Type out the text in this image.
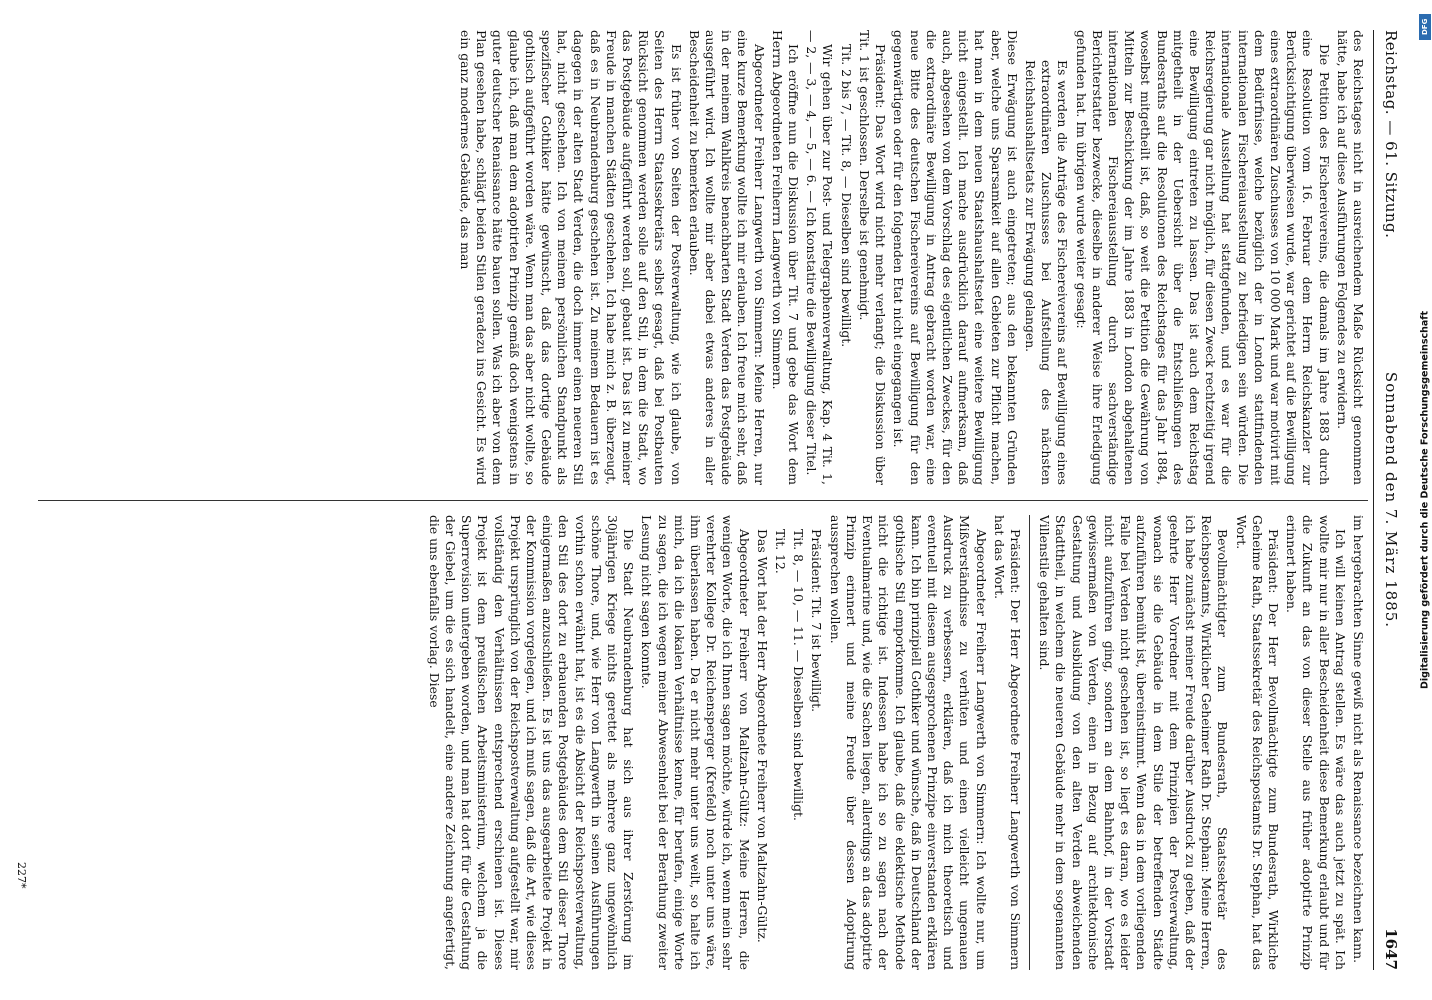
Reichstag. — 61. Sitzung.
Sonnabend den 7. März 1885.
1647

des Reichstages nicht in ausreichendem Maße Rücksicht genommen hätte, habe ich auf diese Ausführungen Folgendes zu erwidern.

Die Petition des Fischereivereins, die damals im Jahre 1883 durch eine Resolution vom 16. Februar dem Herrn Reichskanzler zur Berücksichtigung überwiesen wurde, war gerichtet auf die Bewilligung eines extraordinären Zuschusses von 10 000 Mark und war motivirt mit dem Bedürfnisse, welche bezüglich der in London stattfindenden internationalen Fischereiausstellung zu befriedigen sein würden. Die internationale Ausstellung hat stattgefunden, und es war für die Reichsregierung gar nicht möglich, für diesen Zweck rechtzeitig irgend eine Bewilligung eintreten zu lassen. Das ist auch dem Reichstag mitgetheilt in der Uebersicht über die Entschließungen des Bundesraths auf die Resolutionen des Reichstages für das Jahr 1884, woselbst mitgetheilt ist, daß, so weit die Petition die Gewährung von Mitteln zur Beschickung der im Jahre 1883 in London abgehaltenen internationalen Fischereiausstellung durch sachverständige Berichterstatter bezwecke, dieselbe in anderer Weise ihre Erledigung gefunden hat. Im übrigen wurde weiter gesagt:

Es werden die Anträge des Fischereivereins auf Bewilligung eines extraordinären Zuschusses bei Aufstellung des nächsten Reichshaushaltsetats zur Erwägung gelangen.

Diese Erwägung ist auch eingetreten; aus den bekannten Gründen aber, welche uns Sparsamkeit auf allen Gebieten zur Pflicht machen, hat man in dem neuen Staatshaushaltsetat eine weitere Bewilligung nicht eingestellt. Ich mache ausdrücklich darauf aufmerksam, daß auch, abgesehen von dem Vorschlag des eigentlichen Zweckes, für den die extraordinäre Bewilligung in Antrag gebracht worden war, eine neue Bitte des deutschen Fischereivereins auf Bewilligung für den gegenwärtigen oder für den folgenden Etat nicht eingegangen ist.

Präsident: Das Wort wird nicht mehr verlangt; die Diskussion über Tit. 1 ist geschlossen. Derselbe ist genehmigt.

Tit. 2 bis 7, — Tit. 8, — Dieselben sind bewilligt.

Wir gehen über zur Post- und Telegraphenverwaltung, Kap. 4 Tit. 1, — 2, — 3, — 4, — 5, — 6. — Ich konstatire die Bewilligung dieser Titel.

Ich eröffne nun die Diskussion über Tit. 7 und gebe das Wort dem Herrn Abgeordneten Freiherrn Langwerth von Simmern.

Abgeordneter Freiherr Langwerth von Simmern: Meine Herren, nur eine kurze Bemerkung wollte ich mir erlauben. Ich freue mich sehr, daß in der meinem Wahlkreis benachbarten Stadt Verden das Postgebäude ausgeführt wird. Ich wollte mir aber dabei etwas anderes in aller Bescheidenheit zu bemerken erlauben.

Es ist früher von Seiten der Postverwaltung, wie ich glaube, von Seiten des Herrn Staatssekretärs selbst gesagt, daß bei Postbauten Rücksicht genommen werden solle auf den Stil, in dem die Stadt, wo das Postgebäude aufgeführt werden soll, gebaut ist. Das ist zu meiner Freude in manchen Städten geschehen. Ich habe mich z. B. überzeugt, daß es in Neubrandenburg geschehen ist. Zu meinem Bedauern ist es dagegen in der alten Stadt Verden, die doch immer einen neueren Stil hat, nicht geschehen. Ich von meinem persönlichen Standpunkt als spezifischer Gothiker hätte gewünscht, daß das dortige Gebäude gothisch aufgeführt worden wäre. Wenn man das aber nicht wollte, so glaube ich, daß man dem adoptirten Prinzip gemäß doch wenigstens in guter deutscher Renaissance hätte bauen sollen. Was ich aber von dem Plan gesehen habe, schlägt beiden Stilen geradezu ins Gesicht. Es wird ein ganz modernes Gebäude, das man

im hergebrachten Sinne gewiß nicht als Renaissance bezeichnen kann.

Ich will keinen Antrag stellen. Es wäre das auch jetzt zu spät. Ich wollte mir nur in aller Bescheidenheit diese Bemerkung erlaubt und für die Zukunft an das von dieser Stelle aus früher adoptirte Prinzip erinnert haben.

Präsident: Der Herr Bevollmächtigte zum Bundesrath, Wirkliche Geheime Rath, Staatssekretär des Reichspostamts Dr. Stephan, hat das Wort.

Bevollmächtigter zum Bundesrath, Staatssekretär des Reichspostamts, Wirklicher Geheimer Rath Dr. Stephan: Meine Herren, ich habe zunächst meiner Freude darüber Ausdruck zu geben, daß der geehrte Herr Vorredner mit dem Prinzipien der Postverwaltung, wonach sie die Gebäude in dem Stile der betreffenden Städte aufzuführen bemüht ist, übereinstimmt. Wenn das in dem vorliegenden Falle bei Verden nicht geschehen ist, so liegt es daran, wo es leider nicht aufzuführen ging, sondern an dem Bahnhof, in der Vorstadt gewissermaßen von Verden, einen in Bezug auf architektonische Gestaltung und Ausbildung von den alten Verden abweichenden Stadttheil, in welchem die neueren Gebäude mehr in dem sogenannten Villenstile gehalten sind.

Präsident: Der Herr Abgeordnete Freiherr Langwerth von Simmern hat das Wort.

Abgeordneter Freiherr Langwerth von Simmern: Ich wollte nur, um Mißverständnisse zu verhüten und einen vielleicht ungenauen Ausdruck zu verbessern, erklären, daß ich mich theoretisch und eventuell mit diesem ausgesprochenen Prinzipe einverstanden erklären kann. Ich bin prinzipiell Gothiker und wünsche, daß in Deutschland der gothische Stil emporkomme. Ich glaube, daß die eklektische Methode nicht die richtige ist. Indessen habe ich so zu sagen nach der Eventualmarine und, wie die Sachen liegen, allerdings an das adoptirte Prinzip erinnert und meine Freude über dessen Adoptirung aussprechen wollen.

Präsident: Tit. 7 ist bewilligt.

Tit. 8, — 10, — 11. — Dieselben sind bewilligt.

Tit. 12.

Das Wort hat der Herr Abgeordnete Freiherr von Maltzahn-Gültz.

Abgeordneter Freiherr von Maltzahn-Gültz: Meine Herren, die wenigen Worte, die ich Ihnen sagen möchte, würde ich, wenn mein sehr verehrter Kollege Dr. Reichensperger (Krefeld) noch unter uns wäre, ihm überlassen haben. Da er nicht mehr unter uns weilt, so halte ich mich, da ich die lokalen Verhältnisse kenne, für berufen, einige Worte zu sagen, die ich wegen meiner Abwesenheit bei der Berathung zweiter Lesung nicht sagen konnte.

Die Stadt Neubrandenburg hat sich aus ihrer Zerstörung im 30jährigen Kriege nichts gerettet als mehrere ganz ungewöhnlich schöne Thore, und, wie Herr von Langwerth in seinen Ausführungen vorhin schon erwähnt hat, ist es die Absicht der Reichspostverwaltung, den Stil des dort zu erbauenden Postgebäudes dem Stil dieser Thore einigermaßen anzuschließen. Es ist uns das ausgearbeitete Projekt in der Kommission vorgelegen, und ich muß sagen, daß die Art, wie dieses Projekt ursprünglich von der Reichspostverwaltung aufgestellt war, mir vollständig den Verhältnissen entsprechend erschienen ist. Dieses Projekt ist dem preußischen Arbeitsministerium, welchem ja die Superrevision untergeben worden, und man hat dort für die Gestaltung der Giebel, um die es sich handelt, eine andere Zeichnung angefertigt, die uns ebenfalls vorlag. Diese

227*
DFG
Digitalisierung gefördert durch die Deutsche Forschungsgemeinschaft
